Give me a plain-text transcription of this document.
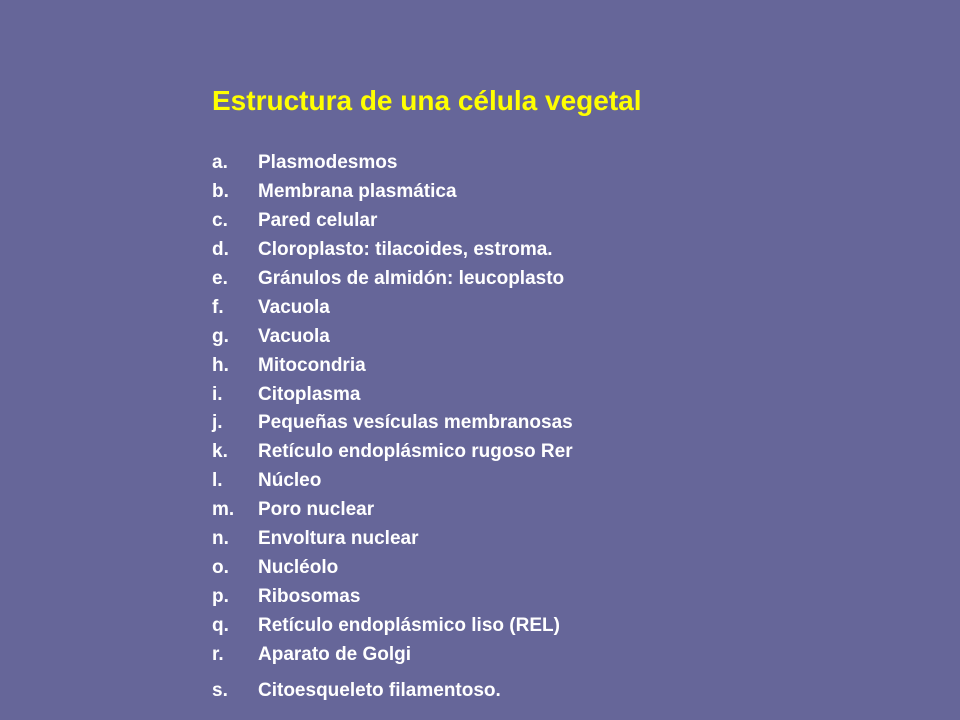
Estructura de una célula vegetal
a.	Plasmodesmos
b.	Membrana plasmática
c.	Pared celular
d.	Cloroplasto: tilacoides, estroma.
e.	Gránulos de almidón: leucoplasto
f.	Vacuola
g.	Vacuola
h.	Mitocondria
i.	Citoplasma
j.	Pequeñas vesículas membranosas
k.	Retículo endoplásmico rugoso Rer
l.	Núcleo
m.	Poro nuclear
n.	Envoltura nuclear
o.	Nucléolo
p.	Ribosomas
q.	Retículo endoplásmico liso (REL)
r.	Aparato de Golgi
s.	Citoesqueleto filamentoso.
